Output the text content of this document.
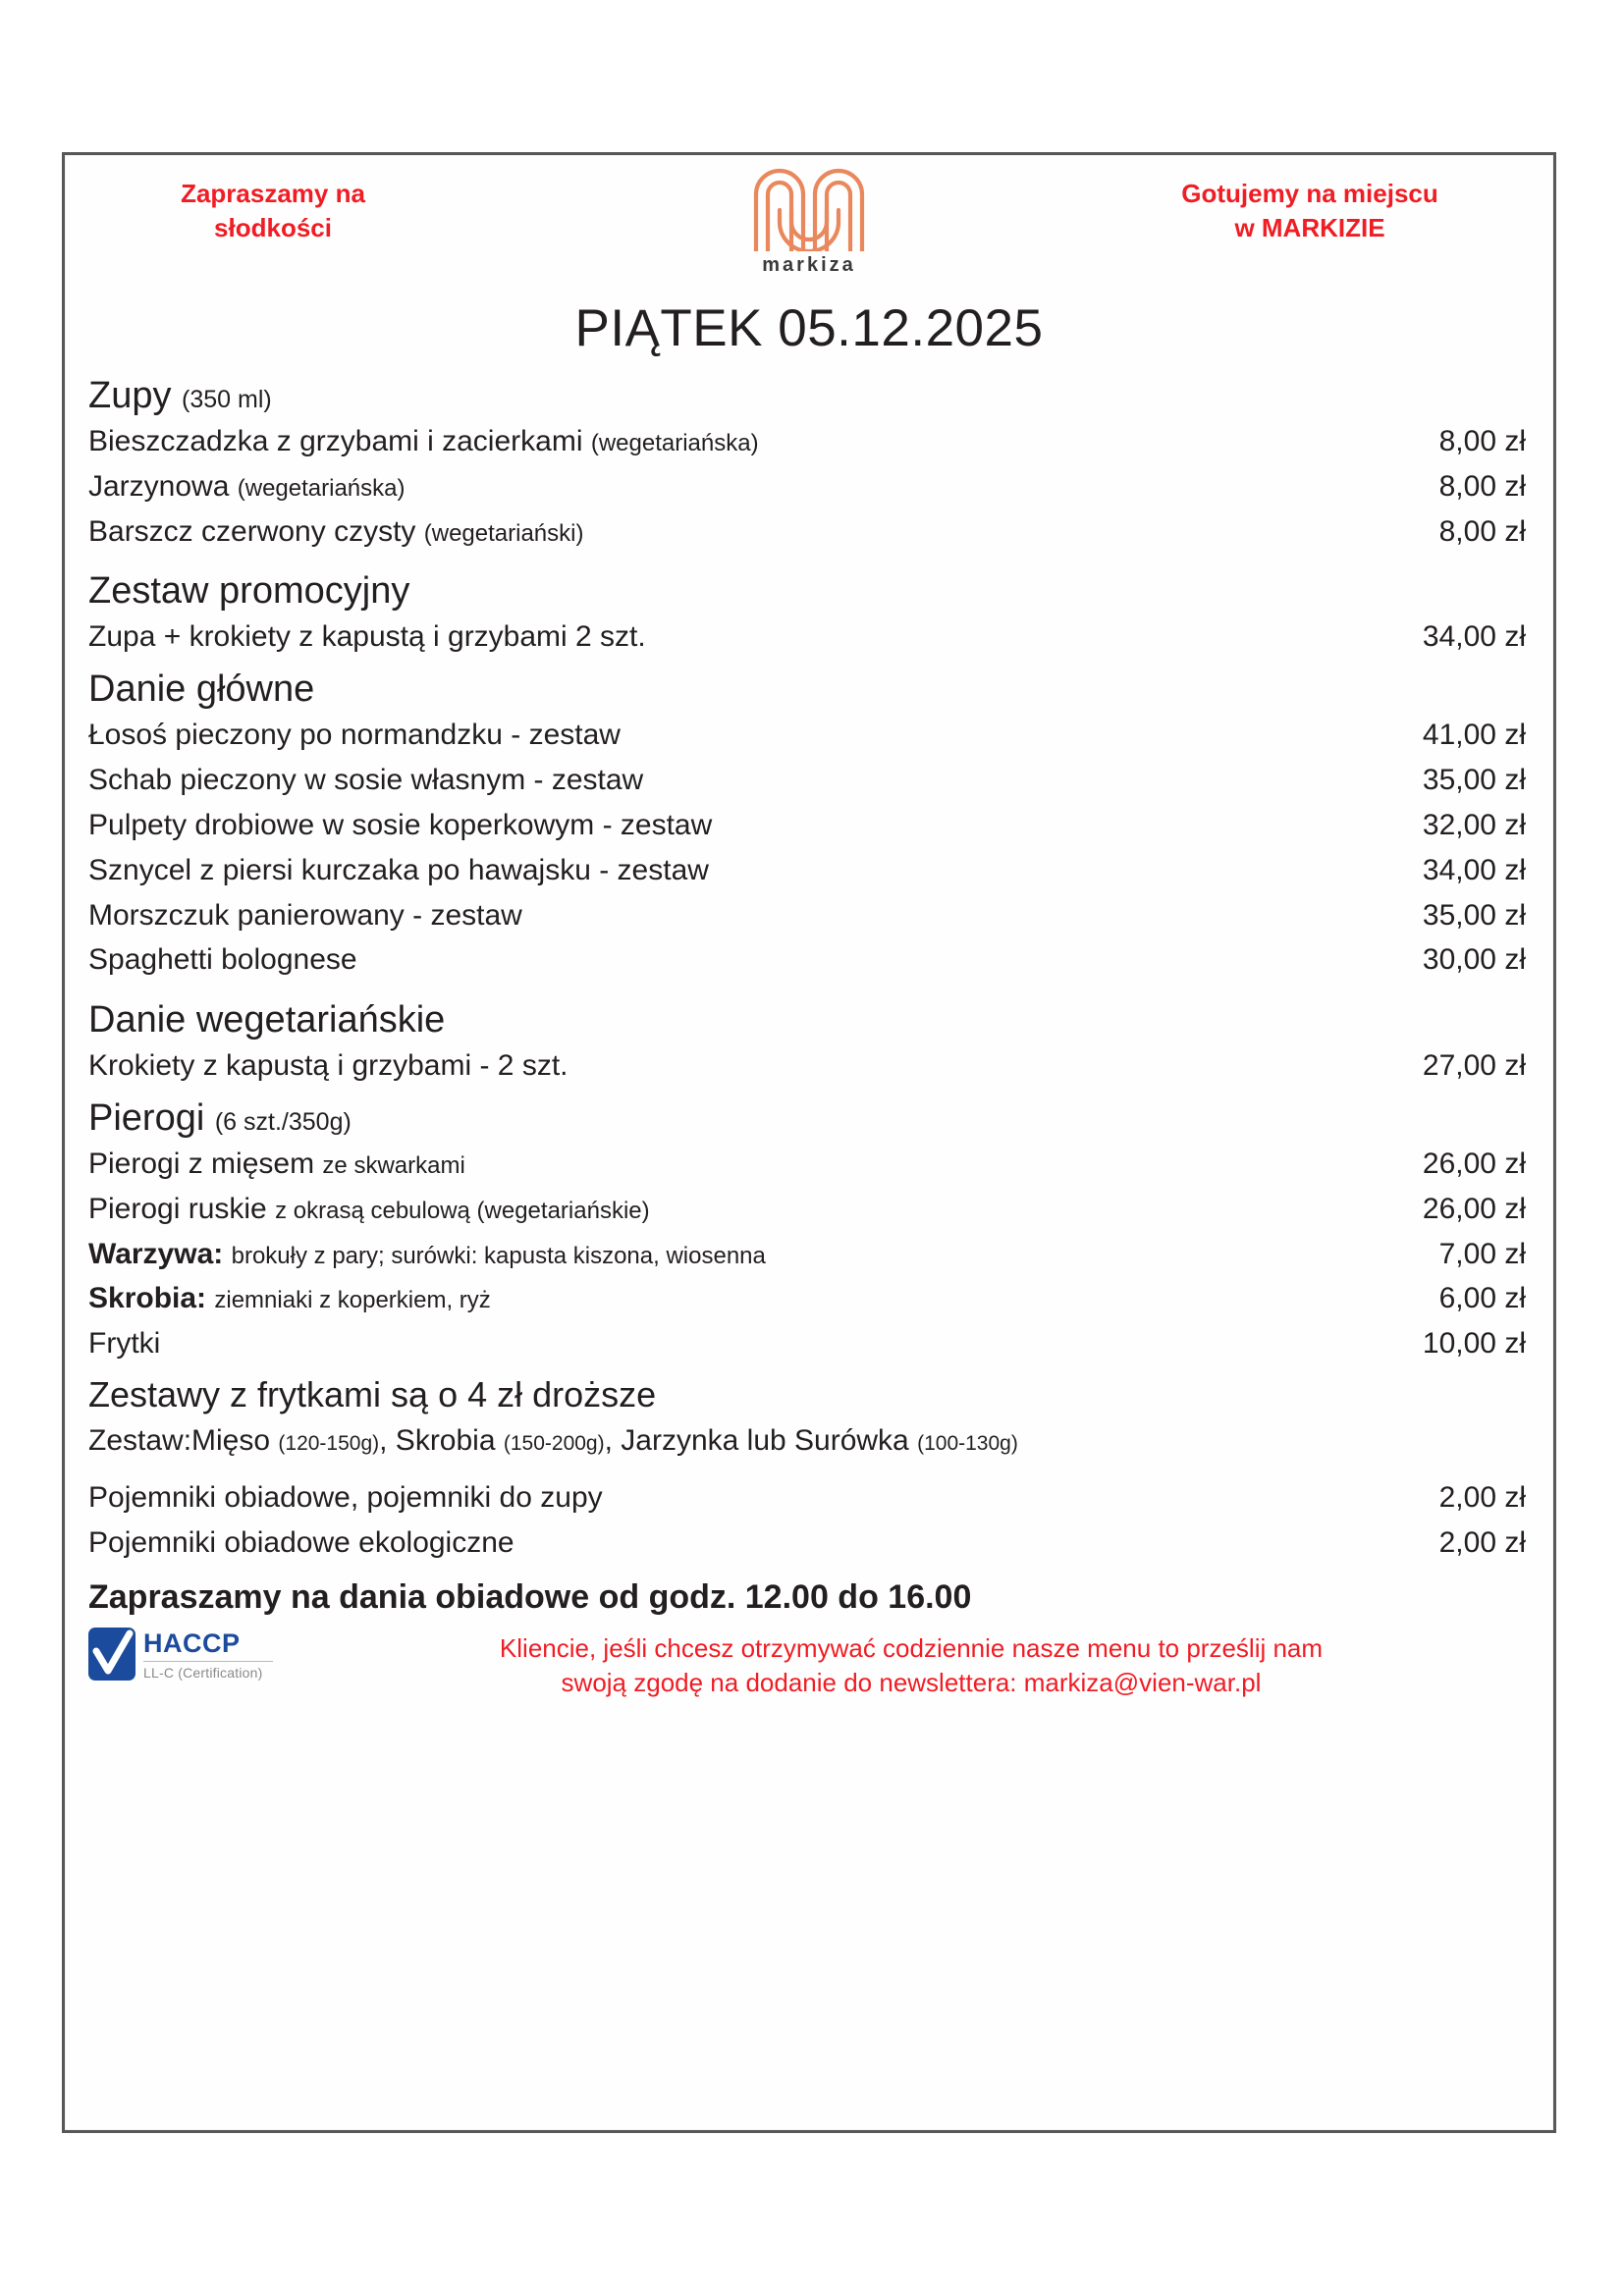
Zapraszamy na
słodkości
markiza
PIĄTEK 05.12.2025
Gotujemy na miejscu
w MARKIZIE
Zupy (350 ml)
Bieszczadzka z grzybami i zacierkami (wegetariańska)	8,00 zł
Jarzynowa (wegetariańska)	8,00 zł
Barszcz czerwony czysty (wegetariański)	8,00 zł
Zestaw promocyjny
Zupa + krokiety z kapustą i grzybami 2 szt.	34,00 zł
Danie główne
Łosoś pieczony po normandzku - zestaw	41,00 zł
Schab pieczony w sosie własnym - zestaw	35,00 zł
Pulpety drobiowe w sosie koperkowym - zestaw	32,00 zł
Sznycel z piersi kurczaka po hawajsku - zestaw	34,00 zł
Morszczuk panierowany - zestaw	35,00 zł
Spaghetti bolognese	30,00 zł
Danie wegetariańskie
Krokiety z kapustą i grzybami - 2 szt.	27,00 zł
Pierogi (6 szt./350g)
Pierogi z mięsem ze skwarkami	26,00 zł
Pierogi ruskie z okrasą cebulową (wegetariańskie)	26,00 zł
Warzywa: brokuły z pary; surówki: kapusta kiszona, wiosenna	7,00 zł
Skrobia: ziemniaki z koperkiem, ryż	6,00 zł
Frytki	10,00 zł
Zestawy z frytkami są o 4 zł droższe
Zestaw:Mięso (120-150g), Skrobia (150-200g), Jarzynka lub Surówka (100-130g)
Pojemniki obiadowe, pojemniki do zupy	2,00 zł
Pojemniki obiadowe ekologiczne	2,00 zł
Zapraszamy na dania obiadowe od godz. 12.00 do 16.00
HACCP
LL-C (Certification)
Kliencie, jeśli chcesz otrzymywać codziennie nasze menu to prześlij nam
swoją zgodę na dodanie do newslettera: markiza@vien-war.pl
